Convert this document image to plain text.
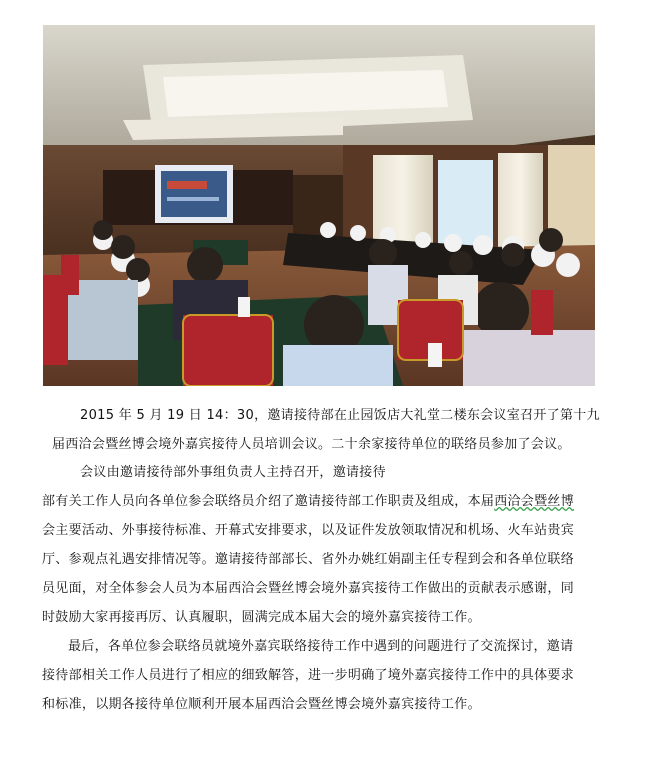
2015 年 5 月 19 日 14：30，邀请接待部在止园饭店大礼堂二楼东会议室召开了第十九
届西洽会暨丝博会境外嘉宾接待人员培训会议。二十余家接待单位的联络员参加了会议。
会议由邀请接待部外事组负责人主持召开，邀请接待
部有关工作人员向各单位参会联络员介绍了邀请接待部工作职责及组成，本届西洽会暨丝博
会主要活动、外事接待标准、开幕式安排要求，以及证件发放领取情况和机场、火车站贵宾
厅、参观点礼遇安排情况等。邀请接待部部长、省外办姚红娟副主任专程到会和各单位联络
员见面，对全体参会人员为本届西洽会暨丝博会境外嘉宾接待工作做出的贡献表示感谢，同
时鼓励大家再接再厉、认真履职，圆满完成本届大会的境外嘉宾接待工作。
最后，各单位参会联络员就境外嘉宾联络接待工作中遇到的问题进行了交流探讨，邀请
接待部相关工作人员进行了相应的细致解答，进一步明确了境外嘉宾接待工作中的具体要求
和标准，以期各接待单位顺利开展本届西洽会暨丝博会境外嘉宾接待工作。
